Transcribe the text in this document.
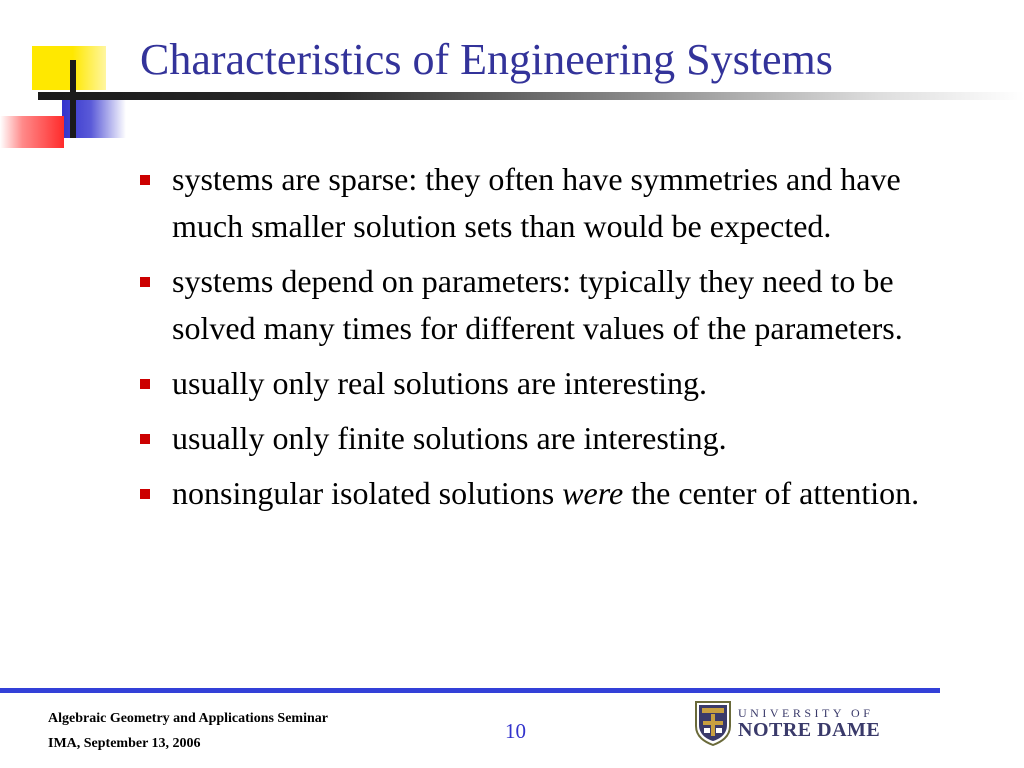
Characteristics of Engineering Systems
systems are sparse: they often have symmetries and have much smaller solution sets than would be expected.
systems depend on parameters: typically they need to be solved many times for different values of the parameters.
usually only real solutions are interesting.
usually only finite solutions are interesting.
nonsingular isolated solutions were the center of attention.
Algebraic Geometry and Applications Seminar
IMA, September 13, 2006
10
UNIVERSITY OF
NOTRE DAME
